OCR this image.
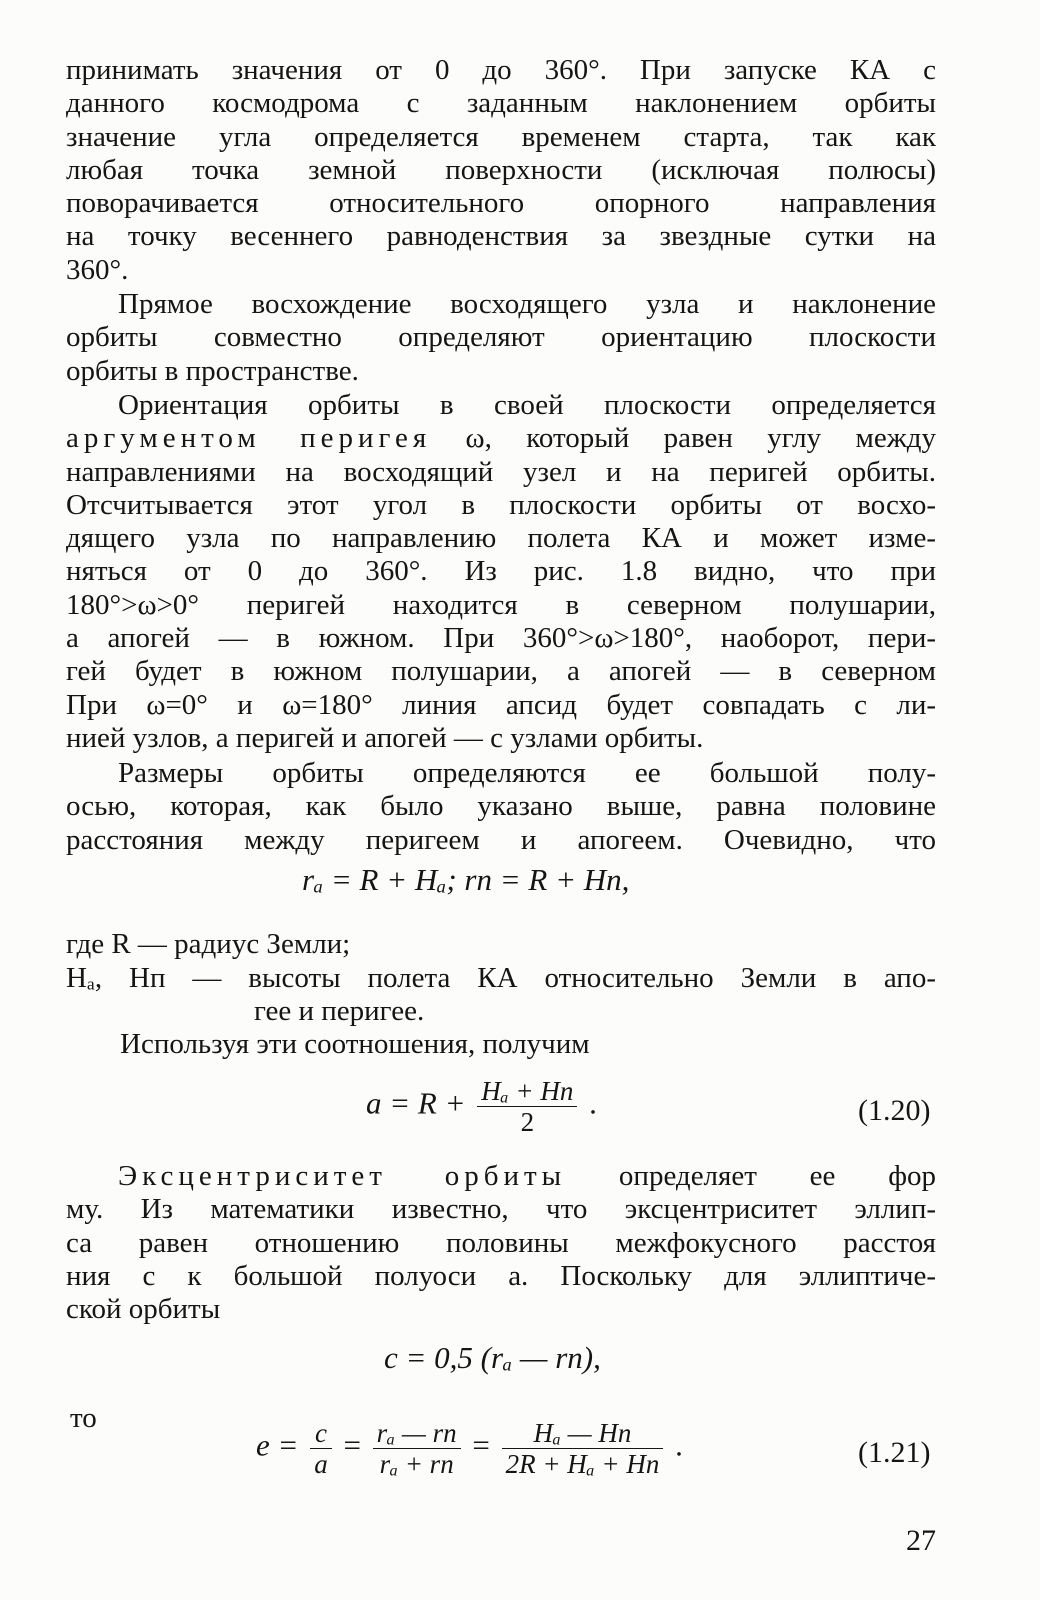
принимать значения от 0 до 360°. При запуске КА с
данного космодрома с заданным наклонением орбиты
значение угла определяется временем старта, так как
любая точка земной поверхности (исключая полюсы)
поворачивается относительного опорного направления
на точку весеннего равноденствия за звездные сутки на
360°.
Прямое восхождение восходящего узла и наклонение
орбиты совместно определяют ориентацию плоскости
орбиты в пространстве.
Ориентация орбиты в своей плоскости определяется
аргументом перигея ω, который равен углу между
направлениями на восходящий узел и на перигей орбиты.
Отсчитывается этот угол в плоскости орбиты от восхо-
дящего узла по направлению полета КА и может изме-
няться от 0 до 360°. Из рис. 1.8 видно, что при
180°>ω>0° перигей находится в северном полушарии,
а апогей — в южном. При 360°>ω>180°, наоборот, пери-
гей будет в южном полушарии, а апогей — в северном
При ω=0° и ω=180° линия апсид будет совпадать с ли-
нией узлов, а перигей и апогей — с узлами орбиты.
Размеры орбиты определяются ее большой полу-
осью, которая, как было указано выше, равна половине
расстояния между перигеем и апогеем. Очевидно, что
rₐ = R + Hₐ; rп = R + Hп,
где R — радиус Земли;
Hₐ, Hп — высоты полета КА относительно Земли в апо-
гее и перигее.
Используя эти соотношения, получим
$a = R + \frac{\text{Hₐ + Hп}}{2}$ .	(1.20)
Эксцентриситет орбиты определяет ее фор
му. Из математики известно, что эксцентриситет эллип-
са равен отношению половины межфокусного расстоя
ния c к большой полуоси a. Поскольку для эллиптиче-
ской орбиты
c = 0,5 (rₐ — rп),
то
$e = \frac{c}{a} = \frac{\text{rₐ — rп}}{\text{rₐ + rп}} = \frac{\text{Hₐ — Hп}}{\text{2R + Hₐ + Hп}}$ .	(1.21)
27
